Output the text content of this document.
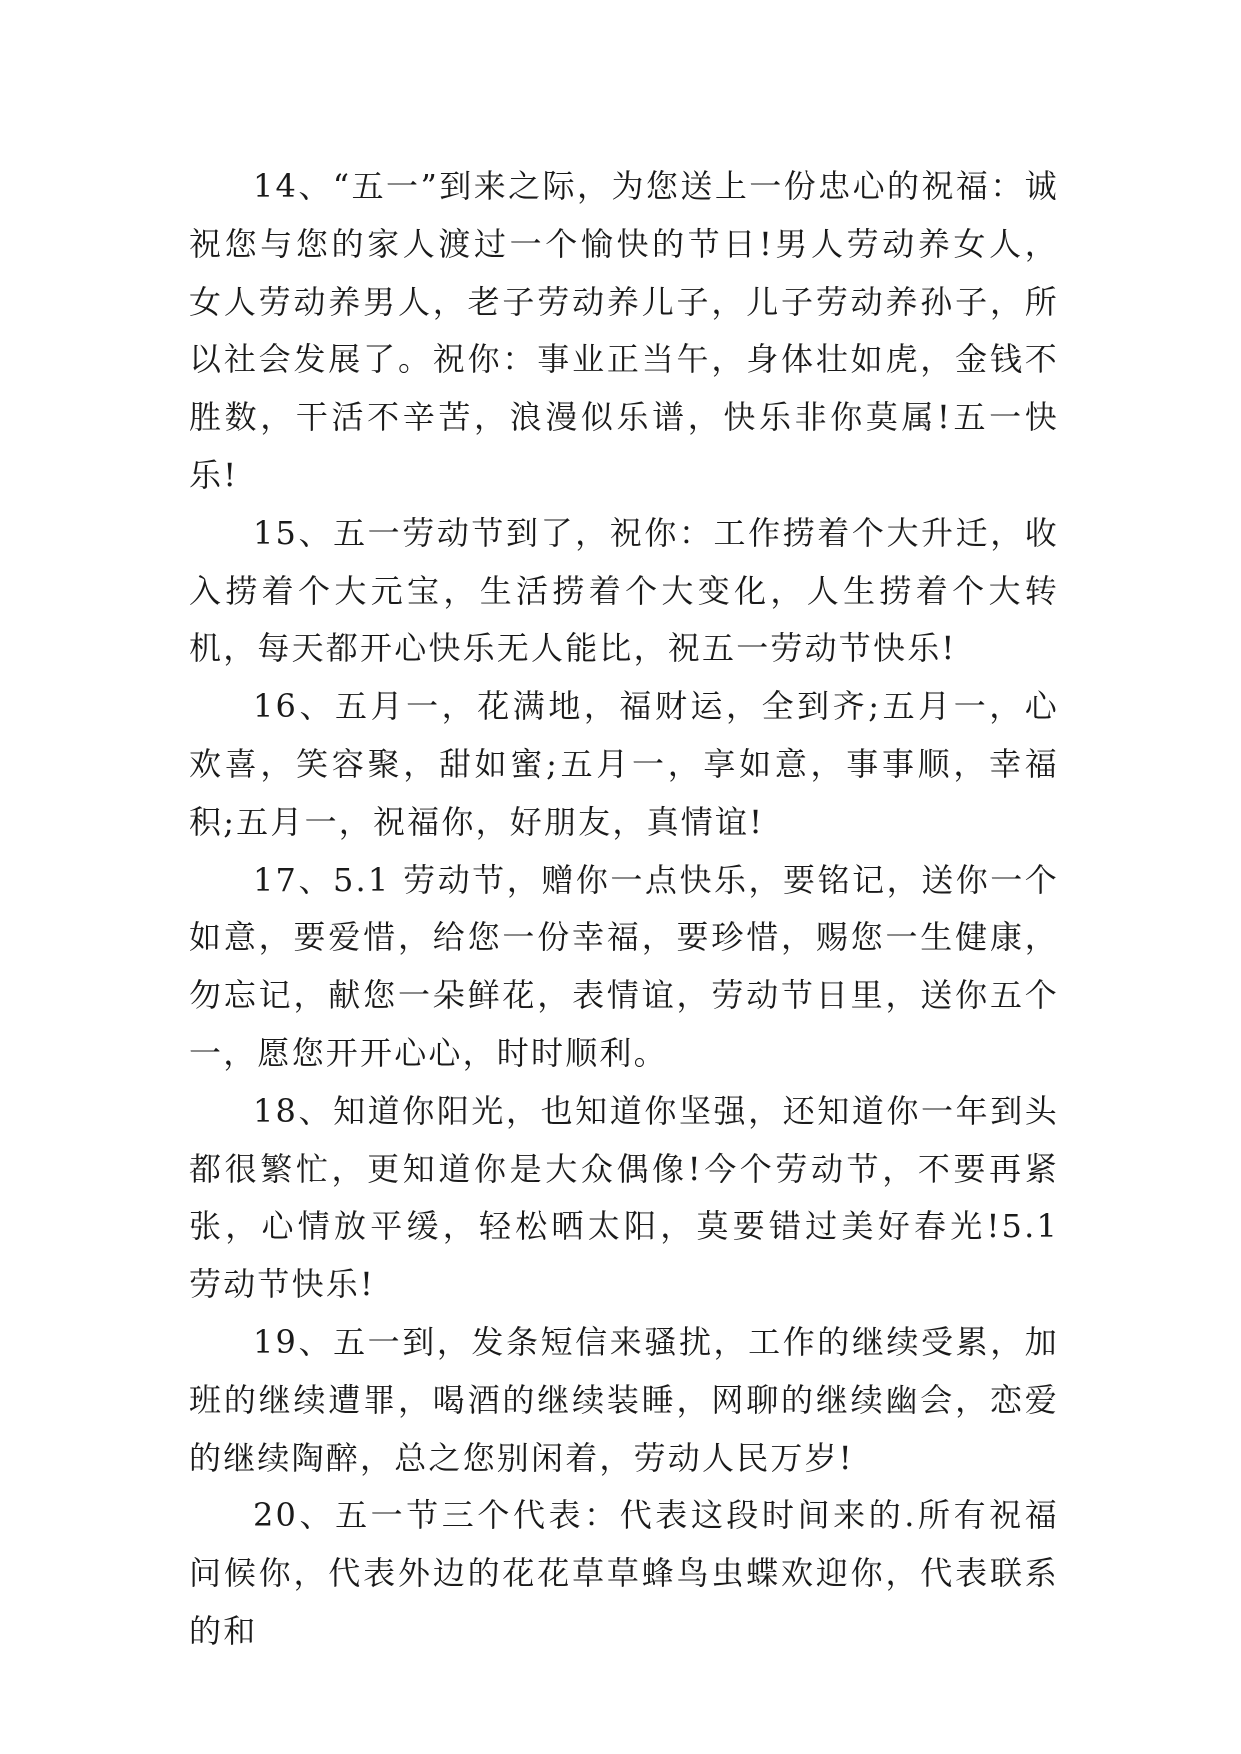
14、“五一”到来之际，为您送上一份忠心的祝福：诚祝您与您的家人渡过一个愉快的节日!男人劳动养女人，女人劳动养男人，老子劳动养儿子，儿子劳动养孙子，所以社会发展了。祝你：事业正当午，身体壮如虎，金钱不胜数，干活不辛苦，浪漫似乐谱，快乐非你莫属!五一快乐!

15、五一劳动节到了，祝你：工作捞着个大升迁，收入捞着个大元宝，生活捞着个大变化，人生捞着个大转机，每天都开心快乐无人能比，祝五一劳动节快乐!

16、五月一，花满地，福财运，全到齐;五月一，心欢喜，笑容聚，甜如蜜;五月一，享如意，事事顺，幸福积;五月一，祝福你，好朋友，真情谊!

17、5.1 劳动节，赠你一点快乐，要铭记，送你一个如意，要爱惜，给您一份幸福，要珍惜，赐您一生健康，勿忘记，献您一朵鲜花，表情谊，劳动节日里，送你五个一，愿您开开心心，时时顺利。

18、知道你阳光，也知道你坚强，还知道你一年到头都很繁忙，更知道你是大众偶像!今个劳动节，不要再紧张，心情放平缓，轻松晒太阳，莫要错过美好春光!5.1 劳动节快乐!

19、五一到，发条短信来骚扰，工作的继续受累，加班的继续遭罪，喝酒的继续装睡，网聊的继续幽会，恋爱的继续陶醉，总之您别闲着，劳动人民万岁!

20、五一节三个代表：代表这段时间来的.所有祝福问候你，代表外边的花花草草蜂鸟虫蝶欢迎你，代表联系的和
